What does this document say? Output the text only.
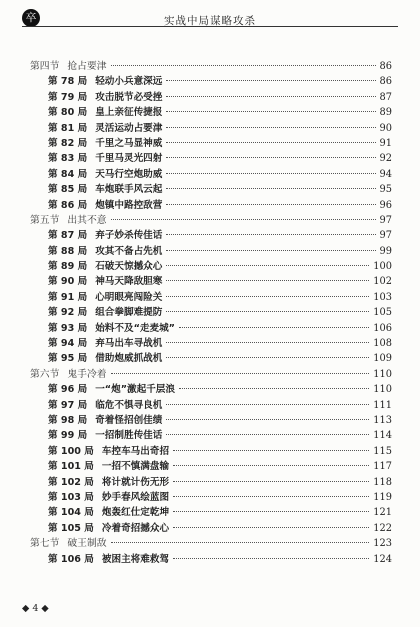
卒	实战中局谋略攻杀
第四节 抢占要津	86
第 78 局 轻动小兵意深远	86
第 79 局 攻击脱节必受挫	87
第 80 局 皇上亲征传捷报	89
第 81 局 灵活运动占要津	90
第 82 局 千里之马显神威	91
第 83 局 千里马灵光四射	92
第 84 局 天马行空炮助威	94
第 85 局 车炮联手风云起	95
第 86 局 炮镇中路控敌营	96
第五节 出其不意	97
第 87 局 弃子妙杀传佳话	97
第 88 局 攻其不备占先机	99
第 89 局 石破天惊撼众心	100
第 90 局 神马天降敌胆寒	102
第 91 局 心明眼亮闯险关	103
第 92 局 组合拳脚难提防	105
第 93 局 始料不及“走麦城”	106
第 94 局 弃马出车寻战机	108
第 95 局 借助炮威抓战机	109
第六节 鬼手冷着	110
第 96 局 一“炮”激起千层浪	110
第 97 局 临危不惧寻良机	111
第 98 局 奇着怪招创佳绩	113
第 99 局 一招制胜传佳话	114
第 100 局 车控车马出奇招	115
第 101 局 一招不慎满盘输	117
第 102 局 将计就计伤无形	118
第 103 局 妙手春风绘蓝图	119
第 104 局 炮轰红仕定乾坤	121
第 105 局 冷着奇招撼众心	122
第七节 破王制敌	123
第 106 局 被困主将难救驾	124
◆ 4 ◆
